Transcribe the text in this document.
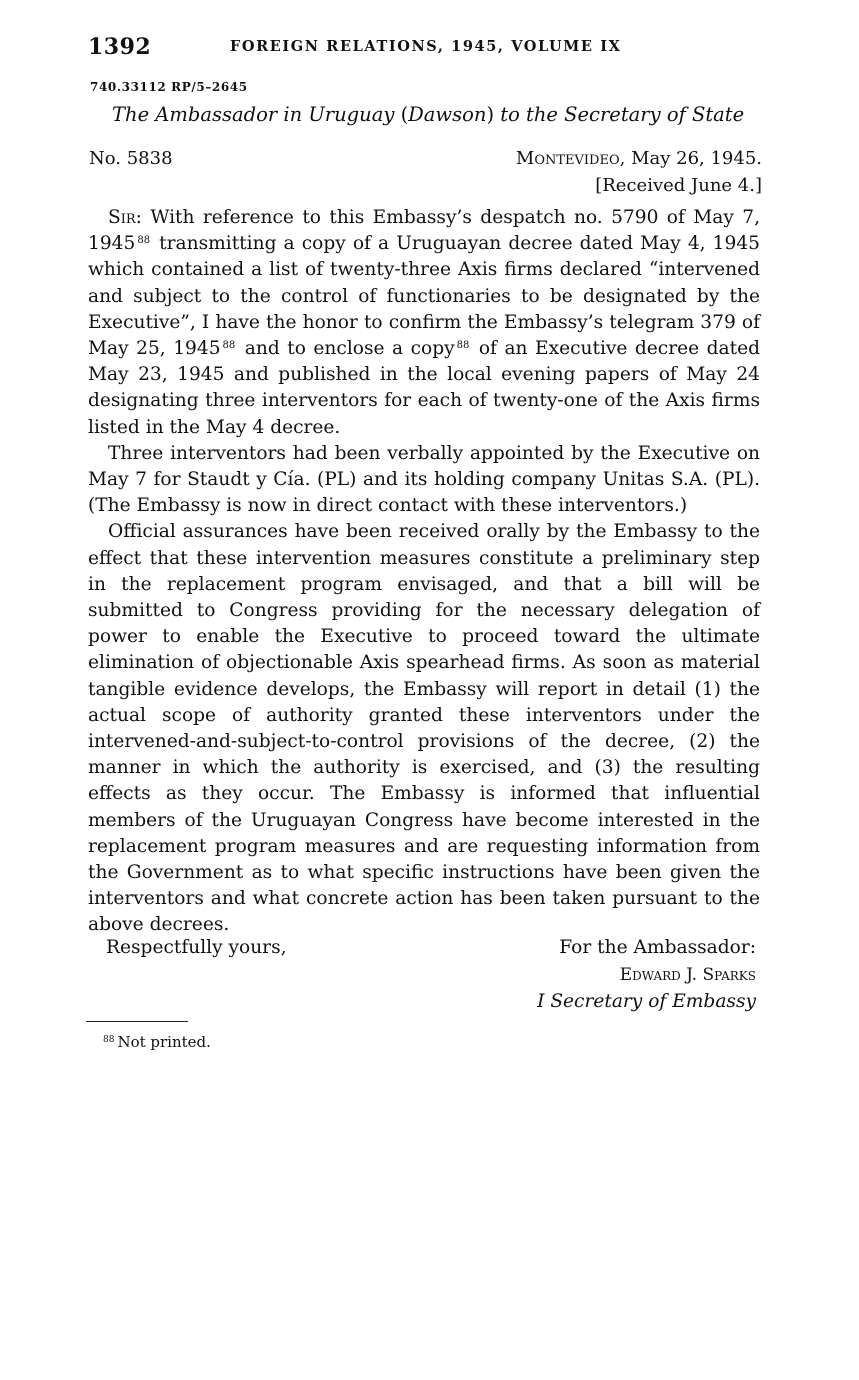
1392	FOREIGN RELATIONS, 1945, VOLUME IX
740.33112 RP/5–2645
The Ambassador in Uruguay (Dawson) to the Secretary of State
No. 5838	Montevideo, May 26, 1945.
[Received June 4.]

Sir: With reference to this Embassy’s despatch no. 5790 of May 7, 1945 $^{88}$ transmitting a copy of a Uruguayan decree dated May 4, 1945 which contained a list of twenty-three Axis firms declared “intervened and subject to the control of functionaries to be designated by the Executive”, I have the honor to confirm the Embassy’s telegram 379 of May 25, 1945 $^{88}$ and to enclose a copy $^{88}$ of an Executive decree dated May 23, 1945 and published in the local evening papers of May 24 designating three interventors for each of twenty-one of the Axis firms listed in the May 4 decree.

Three interventors had been verbally appointed by the Executive on May 7 for Staudt y Cía. (PL) and its holding company Unitas S.A. (PL). (The Embassy is now in direct contact with these interventors.)

Official assurances have been received orally by the Embassy to the effect that these intervention measures constitute a preliminary step in the replacement program envisaged, and that a bill will be submitted to Congress providing for the necessary delegation of power to enable the Executive to proceed toward the ultimate elimination of objectionable Axis spearhead firms. As soon as material tangible evidence develops, the Embassy will report in detail (1) the actual scope of authority granted these interventors under the intervened-and-subject-to-control provisions of the decree, (2) the manner in which the authority is exercised, and (3) the resulting effects as they occur. The Embassy is informed that influential members of the Uruguayan Congress have become interested in the replacement program measures and are requesting information from the Government as to what specific instructions have been given the interventors and what concrete action has been taken pursuant to the above decrees.

Respectfully yours,	For the Ambassador:
Edward J. Sparks
I Secretary of Embassy
$^{88}$ Not printed.
